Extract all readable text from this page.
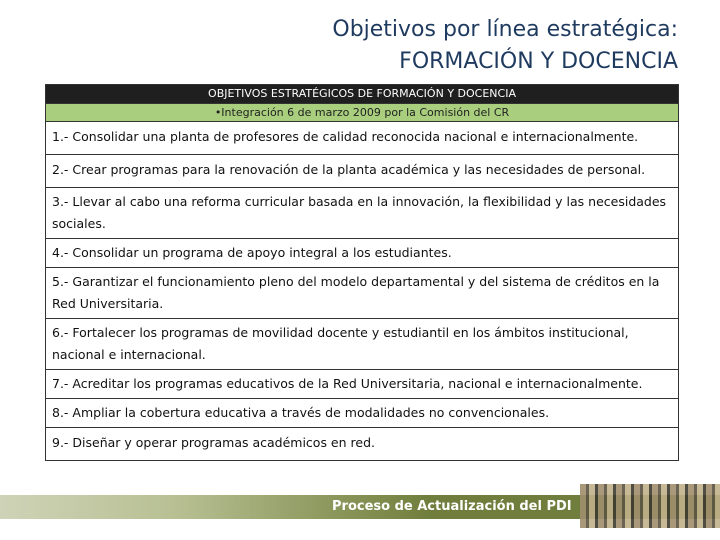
Objetivos por línea estratégica:
FORMACIÓN Y DOCENCIA
OBJETIVOS ESTRATÉGICOS DE FORMACIÓN Y DOCENCIA
•Integración 6 de marzo 2009 por la Comisión del CR
1.- Consolidar una planta de profesores de calidad reconocida nacional e internacionalmente.
2.- Crear programas para la renovación de la planta académica y las necesidades de personal.
3.- Llevar al cabo una reforma curricular basada en la innovación, la flexibilidad y las necesidades sociales.
4.- Consolidar un programa de apoyo integral a los estudiantes.
5.- Garantizar el funcionamiento pleno del modelo departamental y del sistema de créditos en la Red Universitaria.
6.- Fortalecer los programas de movilidad docente y estudiantil en los ámbitos institucional, nacional e internacional.
7.- Acreditar los programas educativos de la Red Universitaria, nacional e internacionalmente.
8.- Ampliar la cobertura educativa a través de modalidades no convencionales.
9.- Diseñar y operar programas académicos en red.
Proceso de Actualización del PDI
